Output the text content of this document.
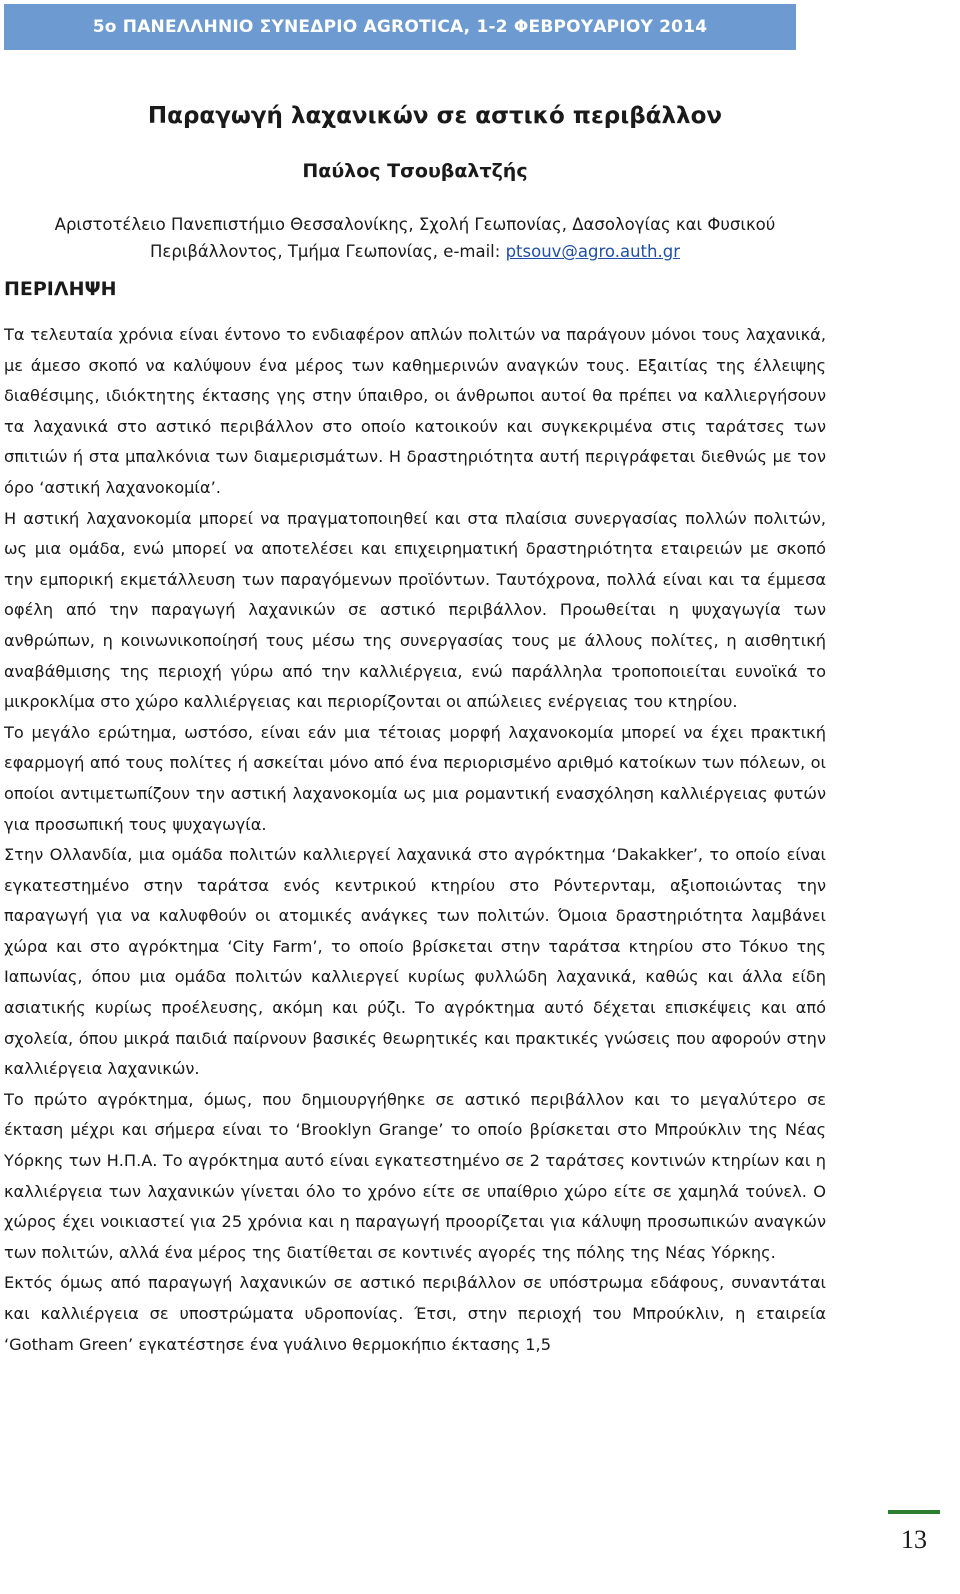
5o ΠΑΝΕΛΛΗΝΙΟ ΣΥΝΕΔΡΙΟ AGROTICA, 1-2 ΦΕΒΡΟΥΑΡΙΟΥ 2014
Παραγωγή λαχανικών σε αστικό περιβάλλον
Παύλος Τσουβαλτζής
Αριστοτέλειο Πανεπιστήμιο Θεσσαλονίκης, Σχολή Γεωπονίας, Δασολογίας και Φυσικού
Περιβάλλοντος, Τμήμα Γεωπονίας, e-mail: ptsouv@agro.auth.gr
ΠΕΡΙΛΗΨΗ

Τα τελευταία χρόνια είναι έντονο το ενδιαφέρον απλών πολιτών να παράγουν μόνοι τους λαχανικά, με άμεσο σκοπό να καλύψουν ένα μέρος των καθημερινών αναγκών τους. Εξαιτίας της έλλειψης διαθέσιμης, ιδιόκτητης έκτασης γης στην ύπαιθρο, οι άνθρωποι αυτοί θα πρέπει να καλλιεργήσουν τα λαχανικά στο αστικό περιβάλλον στο οποίο κατοικούν και συγκεκριμένα στις ταράτσες των σπιτιών ή στα μπαλκόνια των διαμερισμάτων. Η δραστηριότητα αυτή περιγράφεται διεθνώς με τον όρο ‘αστική λαχανοκομία’.

Η αστική λαχανοκομία μπορεί να πραγματοποιηθεί και στα πλαίσια συνεργασίας πολλών πολιτών, ως μια ομάδα, ενώ μπορεί να αποτελέσει και επιχειρηματική δραστηριότητα εταιρειών με σκοπό την εμπορική εκμετάλλευση των παραγόμενων προϊόντων. Ταυτόχρονα, πολλά είναι και τα έμμεσα οφέλη από την παραγωγή λαχανικών σε αστικό περιβάλλον. Προωθείται η ψυχαγωγία των ανθρώπων, η κοινωνικοποίησή τους μέσω της συνεργασίας τους με άλλους πολίτες, η αισθητική αναβάθμισης της περιοχή γύρω από την καλλιέργεια, ενώ παράλληλα τροποποιείται ευνοϊκά το μικροκλίμα στο χώρο καλλιέργειας και περιορίζονται οι απώλειες ενέργειας του κτηρίου.

Το μεγάλο ερώτημα, ωστόσο, είναι εάν μια τέτοιας μορφή λαχανοκομία μπορεί να έχει πρακτική εφαρμογή από τους πολίτες ή ασκείται μόνο από ένα περιορισμένο αριθμό κατοίκων των πόλεων, οι οποίοι αντιμετωπίζουν την αστική λαχανοκομία ως μια ρομαντική ενασχόληση καλλιέργειας φυτών για προσωπική τους ψυχαγωγία.

Στην Ολλανδία, μια ομάδα πολιτών καλλιεργεί λαχανικά στο αγρόκτημα ‘Dakakker’, το οποίο είναι εγκατεστημένο στην ταράτσα ενός κεντρικού κτηρίου στο Ρόντερνταμ, αξιοποιώντας την παραγωγή για να καλυφθούν οι ατομικές ανάγκες των πολιτών. Όμοια δραστηριότητα λαμβάνει χώρα και στο αγρόκτημα ‘City Farm’, το οποίο βρίσκεται στην ταράτσα κτηρίου στο Τόκυο της Ιαπωνίας, όπου μια ομάδα πολιτών καλλιεργεί κυρίως φυλλώδη λαχανικά, καθώς και άλλα είδη ασιατικής κυρίως προέλευσης, ακόμη και ρύζι. Το αγρόκτημα αυτό δέχεται επισκέψεις και από σχολεία, όπου μικρά παιδιά παίρνουν βασικές θεωρητικές και πρακτικές γνώσεις που αφορούν στην καλλιέργεια λαχανικών.

Το πρώτο αγρόκτημα, όμως, που δημιουργήθηκε σε αστικό περιβάλλον και το μεγαλύτερο σε έκταση μέχρι και σήμερα είναι το ‘Brooklyn Grange’ το οποίο βρίσκεται στο Μπρούκλιν της Νέας Υόρκης των Η.Π.Α. Το αγρόκτημα αυτό είναι εγκατεστημένο σε 2 ταράτσες κοντινών κτηρίων και η καλλιέργεια των λαχανικών γίνεται όλο το χρόνο είτε σε υπαίθριο χώρο είτε σε χαμηλά τούνελ. Ο χώρος έχει νοικιαστεί για 25 χρόνια και η παραγωγή προορίζεται για κάλυψη προσωπικών αναγκών των πολιτών, αλλά ένα μέρος της διατίθεται σε κοντινές αγορές της πόλης της Νέας Υόρκης.

Εκτός όμως από παραγωγή λαχανικών σε αστικό περιβάλλον σε υπόστρωμα εδάφους, συναντάται και καλλιέργεια σε υποστρώματα υδροπονίας. Έτσι, στην περιοχή του Μπρούκλιν, η εταιρεία ‘Gotham Green’ εγκατέστησε ένα γυάλινο θερμοκήπιο έκτασης 1,5

13
